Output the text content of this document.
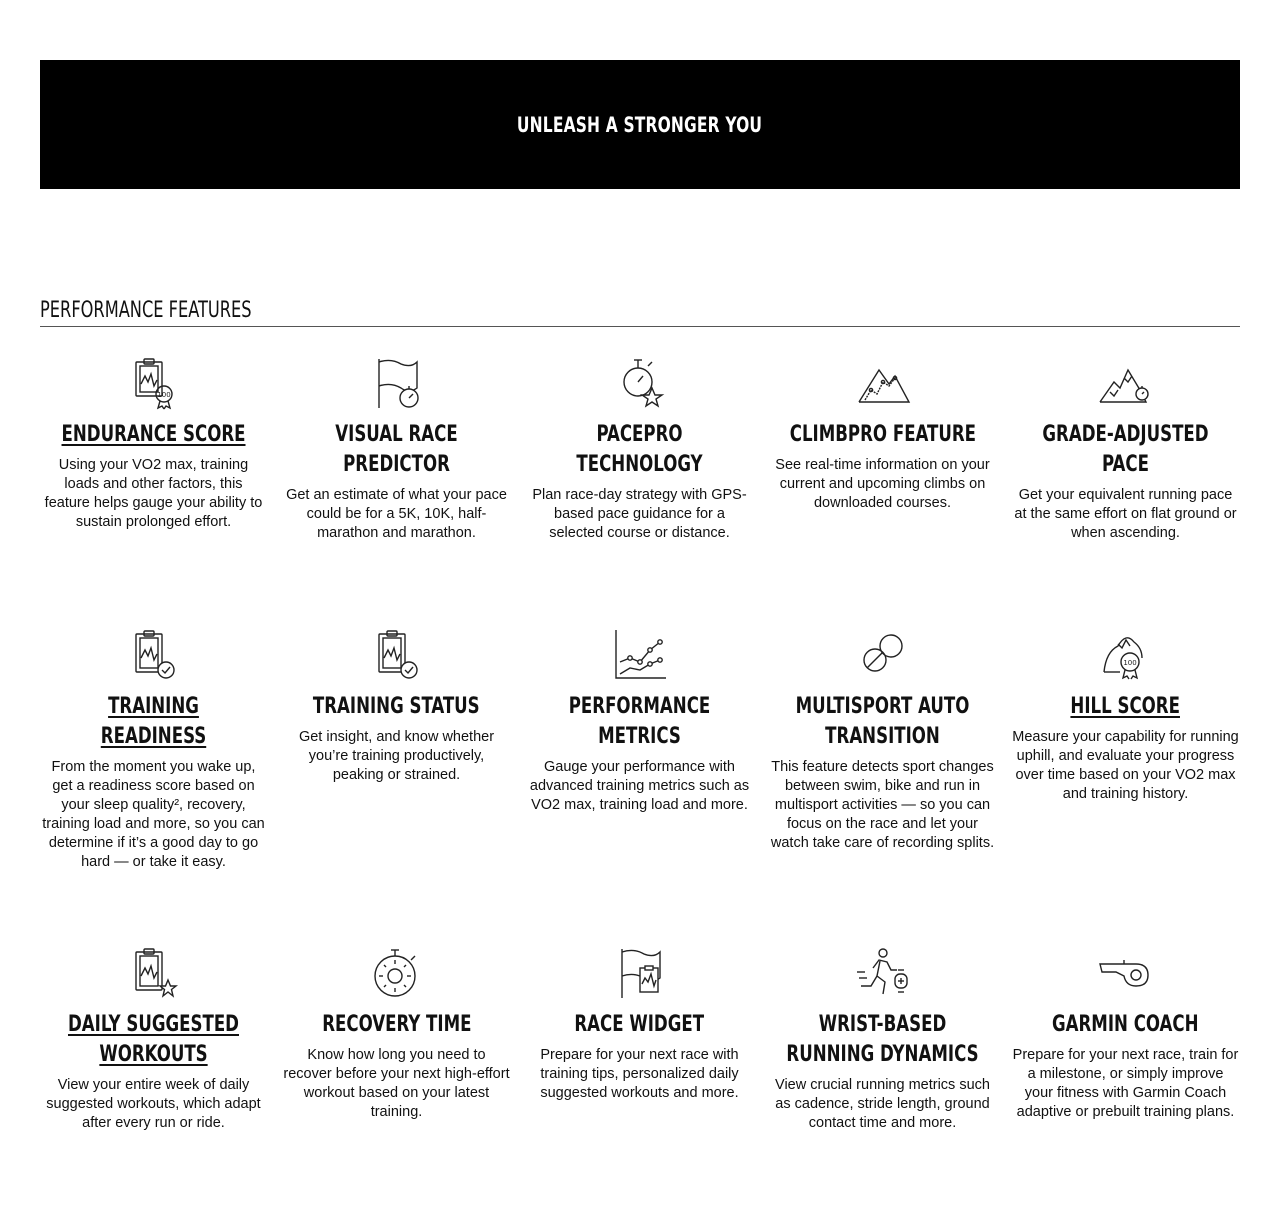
UNLEASH A STRONGER YOU
PERFORMANCE FEATURES
100
ENDURANCE SCORE

Using your VO2 max, training loads and other factors, this feature helps gauge your ability to sustain prolonged effort.

VISUAL RACE PREDICTOR

Get an estimate of what your pace could be for a 5K, 10K, half-marathon and marathon.

PACEPRO TECHNOLOGY

Plan race-day strategy with GPS-based pace guidance for a selected course or distance.

CLIMBPRO FEATURE

See real-time information on your current and upcoming climbs on downloaded courses.

GRADE-ADJUSTED PACE

Get your equivalent running pace at the same effort on flat ground or when ascending.

TRAINING READINESS

From the moment you wake up, get a readiness score based on your sleep quality², recovery, training load and more, so you can determine if it’s a good day to go hard — or take it easy.

TRAINING STATUS

Get insight, and know whether you’re training productively, peaking or strained.

PERFORMANCE METRICS

Gauge your performance with advanced training metrics such as VO2 max, training load and more.

MULTISPORT AUTO TRANSITION

This feature detects sport changes between swim, bike and run in multisport activities — so you can focus on the race and let your watch take care of recording splits.

100
HILL SCORE

Measure your capability for running uphill, and evaluate your progress over time based on your VO2 max and training history.

DAILY SUGGESTED WORKOUTS

View your entire week of daily suggested workouts, which adapt after every run or ride.

RECOVERY TIME

Know how long you need to recover before your next high-effort workout based on your latest training.

RACE WIDGET

Prepare for your next race with training tips, personalized daily suggested workouts and more.

WRIST-BASED RUNNING DYNAMICS

View crucial running metrics such as cadence, stride length, ground contact time and more.

GARMIN COACH

Prepare for your next race, train for a milestone, or simply improve your fitness with Garmin Coach adaptive or prebuilt training plans.
